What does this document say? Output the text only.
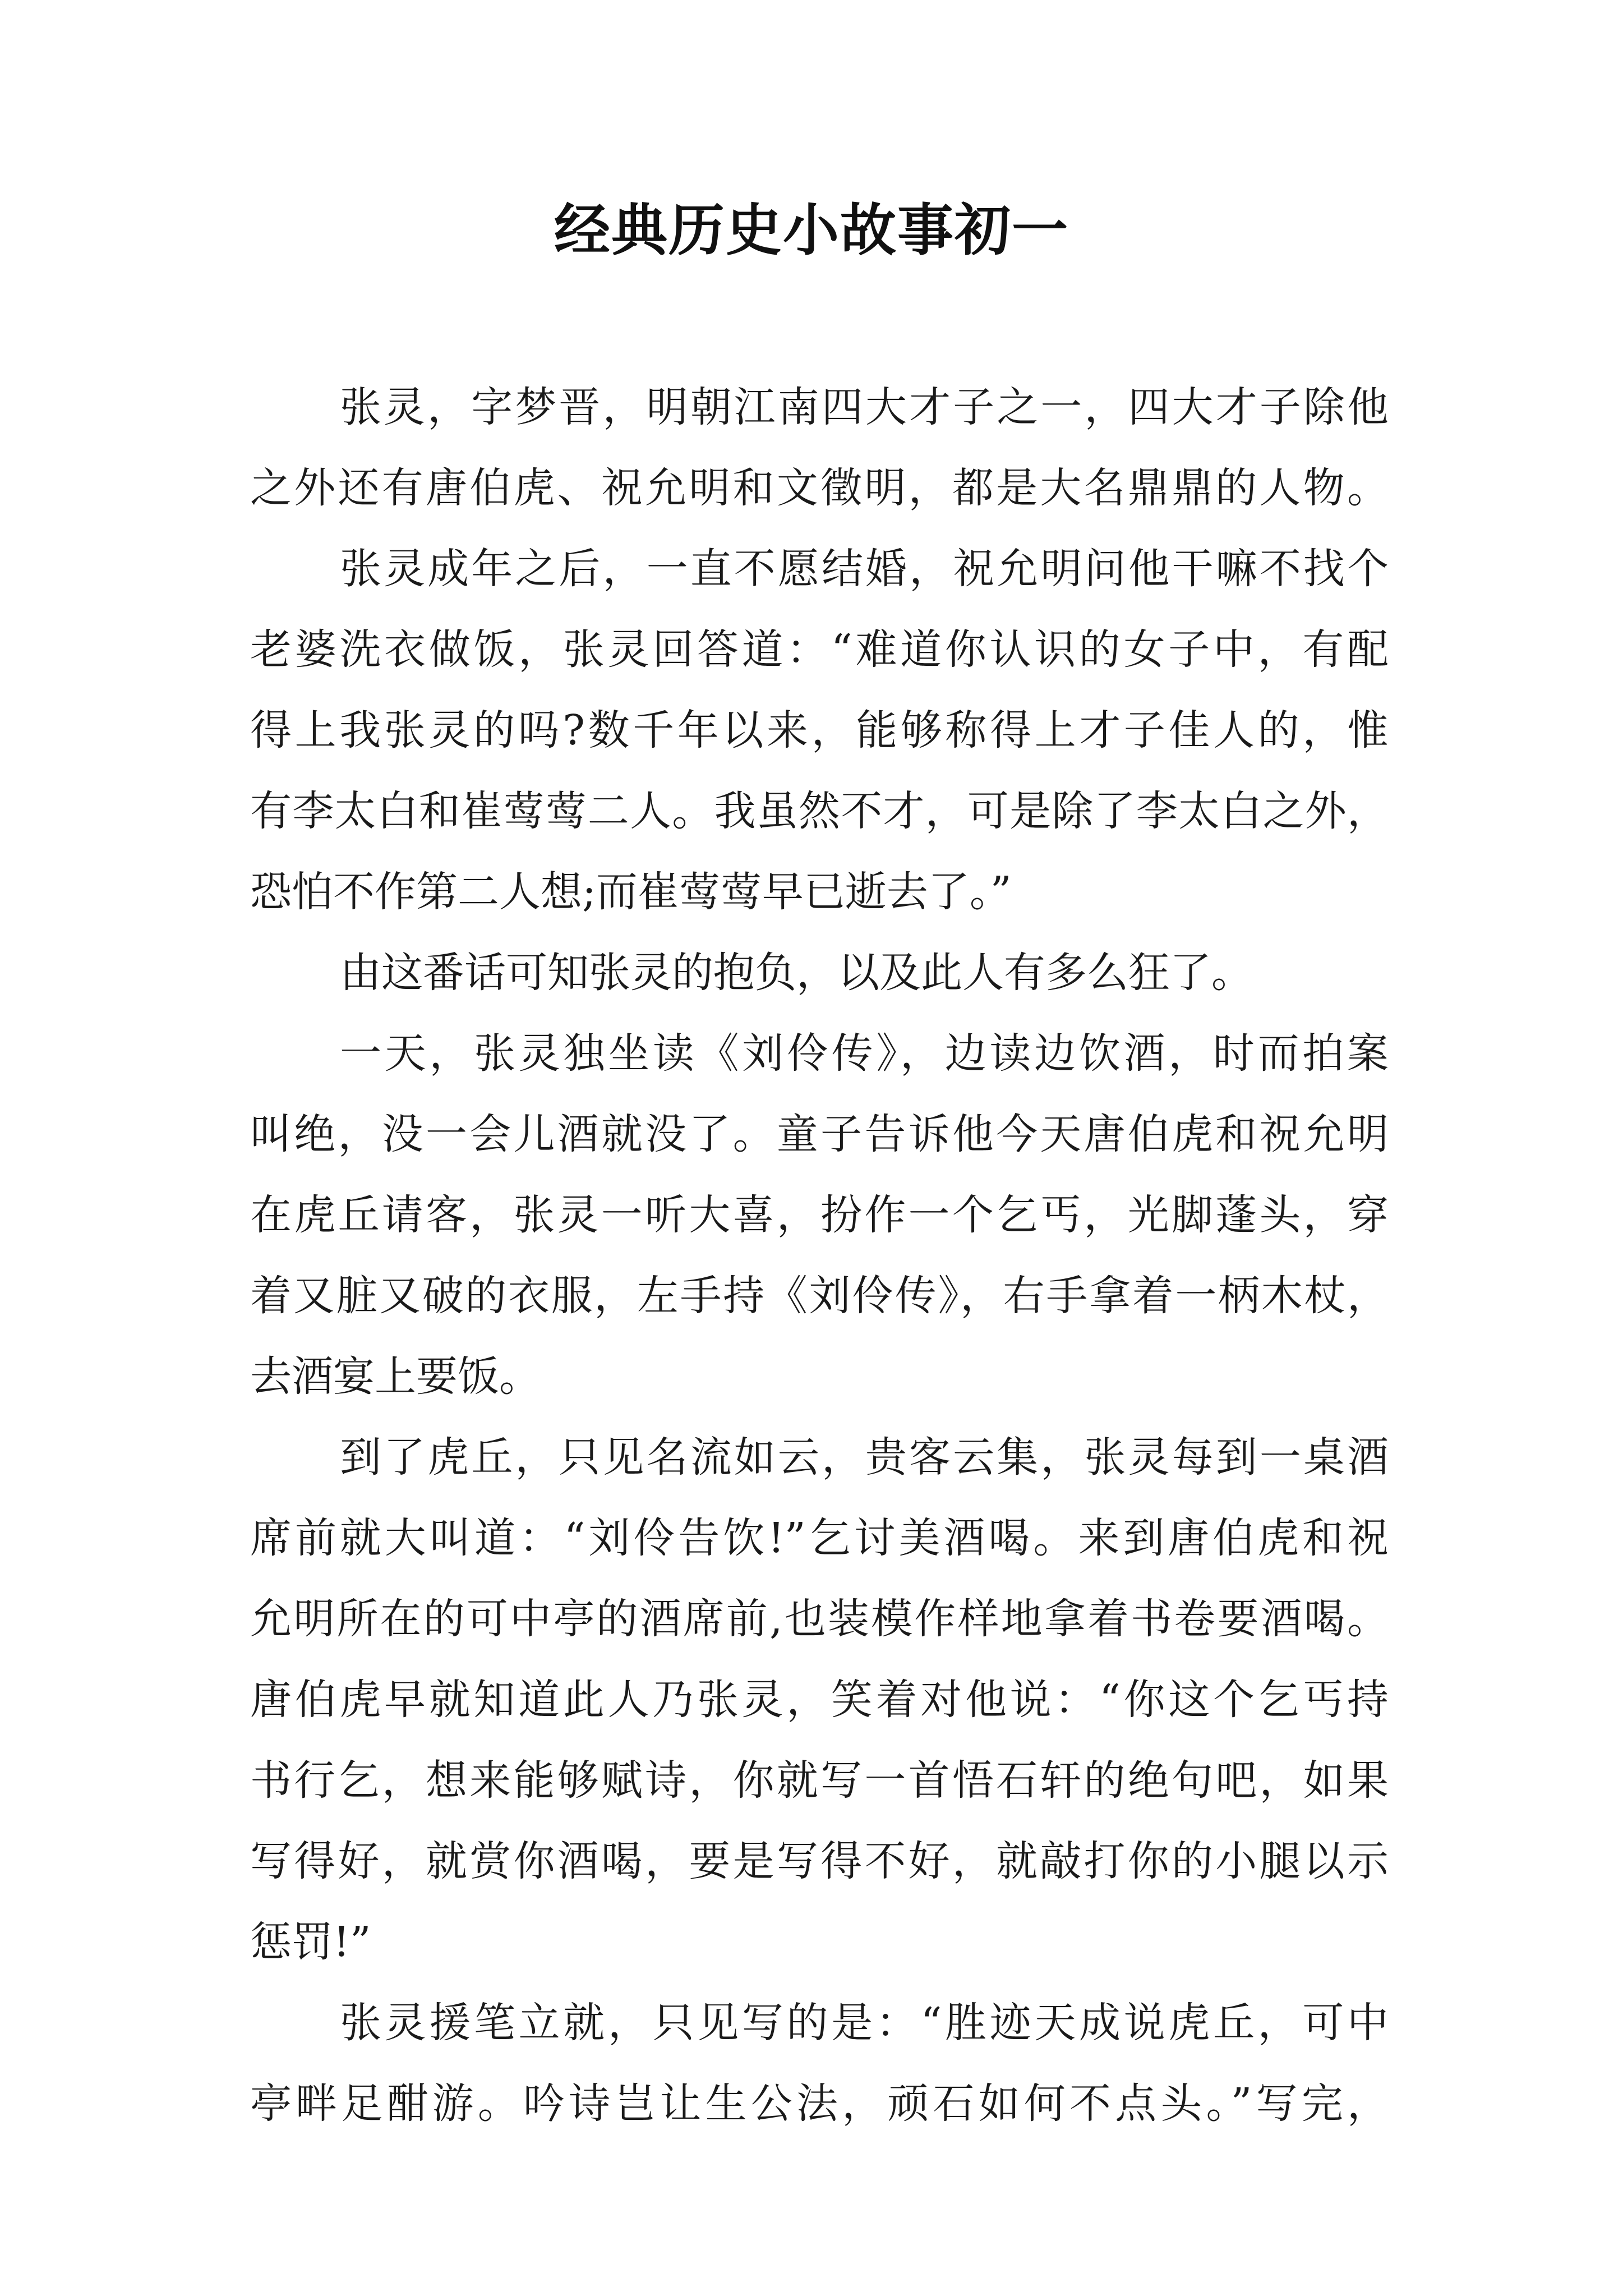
经典历史小故事初一
张灵，字梦晋，明朝江南四大才子之一，四大才子除他
之外还有唐伯虎、祝允明和文徵明，都是大名鼎鼎的人物。
张灵成年之后，一直不愿结婚，祝允明问他干嘛不找个
老婆洗衣做饭，张灵回答道：“难道你认识的女子中，有配
得上我张灵的吗?数千年以来，能够称得上才子佳人的，惟
有李太白和崔莺莺二人。我虽然不才，可是除了李太白之外，
恐怕不作第二人想;而崔莺莺早已逝去了。”
由这番话可知张灵的抱负，以及此人有多么狂了。
一天，张灵独坐读《刘伶传》，边读边饮酒，时而拍案
叫绝，没一会儿酒就没了。童子告诉他今天唐伯虎和祝允明
在虎丘请客，张灵一听大喜，扮作一个乞丐，光脚蓬头，穿
着又脏又破的衣服，左手持《刘伶传》，右手拿着一柄木杖，
去酒宴上要饭。
到了虎丘，只见名流如云，贵客云集，张灵每到一桌酒
席前就大叫道：“刘伶告饮!”乞讨美酒喝。来到唐伯虎和祝
允明所在的可中亭的酒席前,也装模作样地拿着书卷要酒喝。
唐伯虎早就知道此人乃张灵，笑着对他说：“你这个乞丐持
书行乞，想来能够赋诗，你就写一首悟石轩的绝句吧，如果
写得好，就赏你酒喝，要是写得不好，就敲打你的小腿以示
惩罚!”
张灵援笔立就，只见写的是：“胜迹天成说虎丘，可中
亭畔足酣游。吟诗岂让生公法，顽石如何不点头。”写完，
